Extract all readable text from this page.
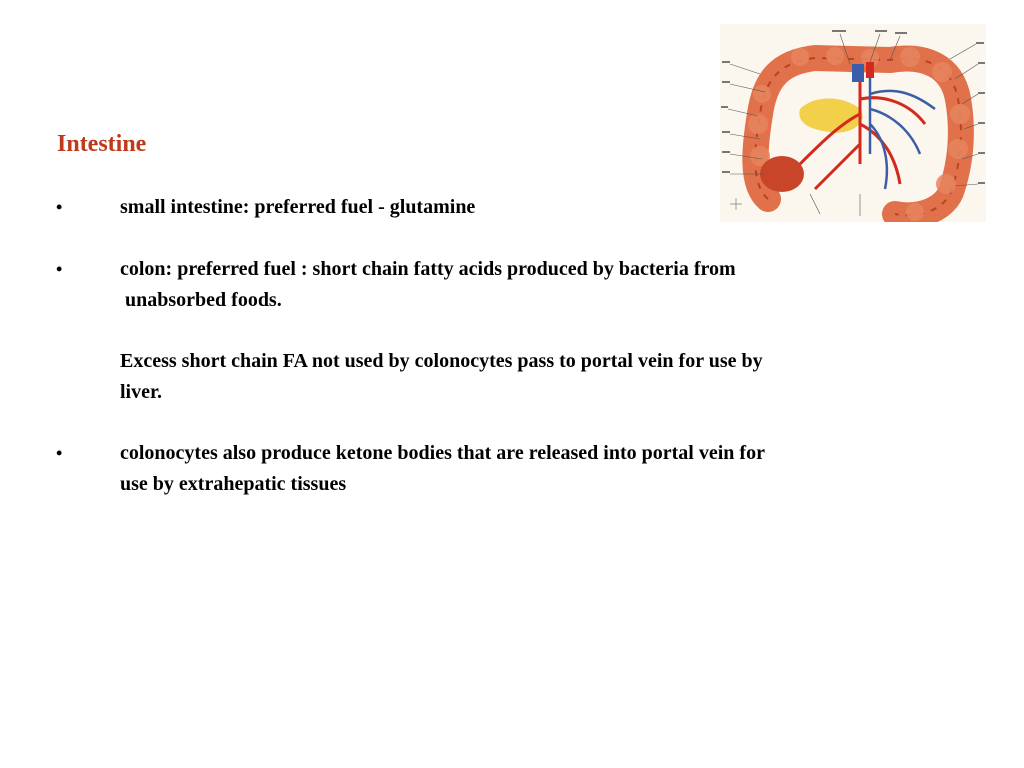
Intestine
•	small intestine: preferred fuel - glutamine
•	colon: preferred fuel : short chain fatty acids produced by bacteria from
unabsorbed foods.
Excess short chain FA not used by colonocytes pass to portal vein for use by
liver.
•	colonocytes also produce ketone bodies that are released into portal vein for
use by extrahepatic tissues
